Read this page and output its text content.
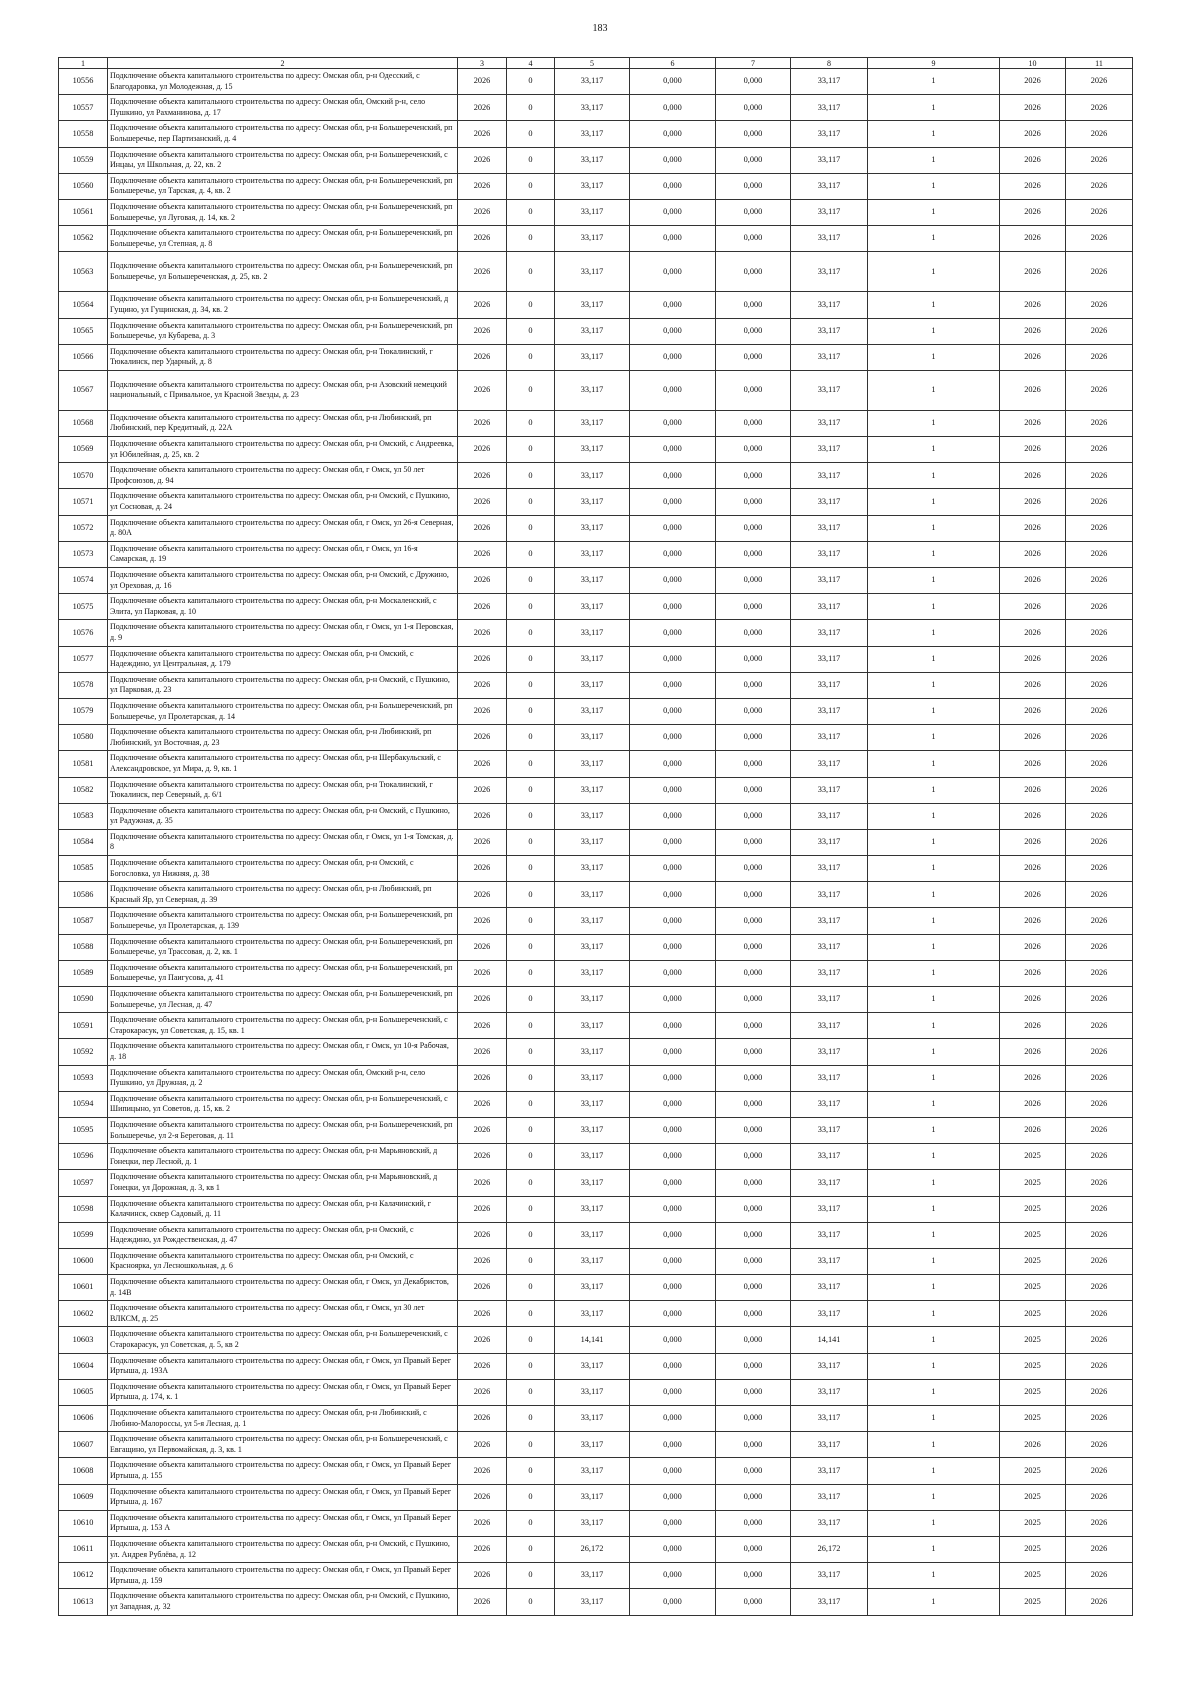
183
1	2	3	4	5	6	7	8	9	10	11
10556	Подключение объекта капитального строительства по адресу: Омская обл, р-н Одесский, с Благодаровка, ул Молодежная, д. 15	2026	0	33,117	0,000	0,000	33,117	1	2026	2026
10557	Подключение объекта капитального строительства по адресу: Омская обл, Омский р-н, село Пушкино, ул Рахманинова, д. 17	2026	0	33,117	0,000	0,000	33,117	1	2026	2026
10558	Подключение объекта капитального строительства по адресу: Омская обл, р-н Большереченский, рп Большеречье, пер Партизанский, д. 4	2026	0	33,117	0,000	0,000	33,117	1	2026	2026
10559	Подключение объекта капитального строительства по адресу: Омская обл, р-н Большереченский, с Инцаы, ул Школьная, д. 22, кв. 2	2026	0	33,117	0,000	0,000	33,117	1	2026	2026
10560	Подключение объекта капитального строительства по адресу: Омская обл, р-н Большереченский, рп Большеречье, ул Тарская, д. 4, кв. 2	2026	0	33,117	0,000	0,000	33,117	1	2026	2026
10561	Подключение объекта капитального строительства по адресу: Омская обл, р-н Большереченский, рп Большеречье, ул Луговая, д. 14, кв. 2	2026	0	33,117	0,000	0,000	33,117	1	2026	2026
10562	Подключение объекта капитального строительства по адресу: Омская обл, р-н Большереченский, рп Большеречье, ул Степная, д. 8	2026	0	33,117	0,000	0,000	33,117	1	2026	2026
10563	Подключение объекта капитального строительства по адресу: Омская обл, р-н Большереченский, рп Большеречье, ул Большереченская, д. 25, кв. 2	2026	0	33,117	0,000	0,000	33,117	1	2026	2026
10564	Подключение объекта капитального строительства по адресу: Омская обл, р-н Большереченский, д Гущино, ул Гущинская, д. 34, кв. 2	2026	0	33,117	0,000	0,000	33,117	1	2026	2026
10565	Подключение объекта капитального строительства по адресу: Омская обл, р-н Большереченский, рп Большеречье, ул Кубарева, д. 3	2026	0	33,117	0,000	0,000	33,117	1	2026	2026
10566	Подключение объекта капитального строительства по адресу: Омская обл, р-н Тюкалинский, г Тюкалинск, пер Ударный, д. 8	2026	0	33,117	0,000	0,000	33,117	1	2026	2026
10567	Подключение объекта капитального строительства по адресу: Омская обл, р-н Азовский немецкий национальный, с Привальное, ул Красной Звезды, д. 23	2026	0	33,117	0,000	0,000	33,117	1	2026	2026
10568	Подключение объекта капитального строительства по адресу: Омская обл, р-н Любинский, рп Любинский, пер Кредитный, д. 22А	2026	0	33,117	0,000	0,000	33,117	1	2026	2026
10569	Подключение объекта капитального строительства по адресу: Омская обл, р-н Омский, с Андреевка, ул Юбилейная, д. 25, кв. 2	2026	0	33,117	0,000	0,000	33,117	1	2026	2026
10570	Подключение объекта капитального строительства по адресу: Омская обл, г Омск, ул 50 лет Профсоюзов, д. 94	2026	0	33,117	0,000	0,000	33,117	1	2026	2026
10571	Подключение объекта капитального строительства по адресу: Омская обл, р-н Омский, с Пушкино, ул Сосновая, д. 24	2026	0	33,117	0,000	0,000	33,117	1	2026	2026
10572	Подключение объекта капитального строительства по адресу: Омская обл, г Омск, ул 26-я Северная, д. 80А	2026	0	33,117	0,000	0,000	33,117	1	2026	2026
10573	Подключение объекта капитального строительства по адресу: Омская обл, г Омск, ул 16-я Самарская, д. 19	2026	0	33,117	0,000	0,000	33,117	1	2026	2026
10574	Подключение объекта капитального строительства по адресу: Омская обл, р-н Омский, с Дружино, ул Ореховая, д. 16	2026	0	33,117	0,000	0,000	33,117	1	2026	2026
10575	Подключение объекта капитального строительства по адресу: Омская обл, р-н Москаленский, с Элита, ул Парковая, д. 10	2026	0	33,117	0,000	0,000	33,117	1	2026	2026
10576	Подключение объекта капитального строительства по адресу: Омская обл, г Омск, ул 1-я Перовская, д. 9	2026	0	33,117	0,000	0,000	33,117	1	2026	2026
10577	Подключение объекта капитального строительства по адресу: Омская обл, р-н Омский, с Надеждино, ул Центральная, д. 179	2026	0	33,117	0,000	0,000	33,117	1	2026	2026
10578	Подключение объекта капитального строительства по адресу: Омская обл, р-н Омский, с Пушкино, ул Парковая, д. 23	2026	0	33,117	0,000	0,000	33,117	1	2026	2026
10579	Подключение объекта капитального строительства по адресу: Омская обл, р-н Большереченский, рп Большеречье, ул Пролетарская, д. 14	2026	0	33,117	0,000	0,000	33,117	1	2026	2026
10580	Подключение объекта капитального строительства по адресу: Омская обл, р-н Любинский, рп Любинский, ул Восточная, д. 23	2026	0	33,117	0,000	0,000	33,117	1	2026	2026
10581	Подключение объекта капитального строительства по адресу: Омская обл, р-н Шербакульский, с Александровское, ул Мира, д. 9, кв. 1	2026	0	33,117	0,000	0,000	33,117	1	2026	2026
10582	Подключение объекта капитального строительства по адресу: Омская обл, р-н Тюкалинский, г Тюкалинск, пер Северный, д. 6/1	2026	0	33,117	0,000	0,000	33,117	1	2026	2026
10583	Подключение объекта капитального строительства по адресу: Омская обл, р-н Омский, с Пушкино, ул Радужная, д. 35	2026	0	33,117	0,000	0,000	33,117	1	2026	2026
10584	Подключение объекта капитального строительства по адресу: Омская обл, г Омск, ул 1-я Томская, д. 8	2026	0	33,117	0,000	0,000	33,117	1	2026	2026
10585	Подключение объекта капитального строительства по адресу: Омская обл, р-н Омский, с Богословка, ул Нижняя, д. 38	2026	0	33,117	0,000	0,000	33,117	1	2026	2026
10586	Подключение объекта капитального строительства по адресу: Омская обл, р-н Любинский, рп Красный Яр, ул Северная, д. 39	2026	0	33,117	0,000	0,000	33,117	1	2026	2026
10587	Подключение объекта капитального строительства по адресу: Омская обл, р-н Большереченский, рп Большеречье, ул Пролетарская, д. 139	2026	0	33,117	0,000	0,000	33,117	1	2026	2026
10588	Подключение объекта капитального строительства по адресу: Омская обл, р-н Большереченский, рп Большеречье, ул Трассовая, д. 2, кв. 1	2026	0	33,117	0,000	0,000	33,117	1	2026	2026
10589	Подключение объекта капитального строительства по адресу: Омская обл, р-н Большереченский, рп Большеречье, ул Паигусова, д. 41	2026	0	33,117	0,000	0,000	33,117	1	2026	2026
10590	Подключение объекта капитального строительства по адресу: Омская обл, р-н Большереченский, рп Большеречье, ул Лесная, д. 47	2026	0	33,117	0,000	0,000	33,117	1	2026	2026
10591	Подключение объекта капитального строительства по адресу: Омская обл, р-н Большереченский, с Старокарасук, ул Советская, д. 15, кв. 1	2026	0	33,117	0,000	0,000	33,117	1	2026	2026
10592	Подключение объекта капитального строительства по адресу: Омская обл, г Омск, ул 10-я Рабочая, д. 18	2026	0	33,117	0,000	0,000	33,117	1	2026	2026
10593	Подключение объекта капитального строительства по адресу: Омская обл, Омский р-н, село Пушкино, ул Дружная, д. 2	2026	0	33,117	0,000	0,000	33,117	1	2026	2026
10594	Подключение объекта капитального строительства по адресу: Омская обл, р-н Большереченский, с Шипицыно, ул Советов, д. 15, кв. 2	2026	0	33,117	0,000	0,000	33,117	1	2026	2026
10595	Подключение объекта капитального строительства по адресу: Омская обл, р-н Большереченский, рп Большеречье, ул 2-я Береговая, д. 11	2026	0	33,117	0,000	0,000	33,117	1	2026	2026
10596	Подключение объекта капитального строительства по адресу: Омская обл, р-н Марьяновский, д Гонецки, пер Лесной, д. 1	2026	0	33,117	0,000	0,000	33,117	1	2025	2026
10597	Подключение объекта капитального строительства по адресу: Омская обл, р-н Марьяновский, д Гонецки, ул Дорожная, д. 3, кв 1	2026	0	33,117	0,000	0,000	33,117	1	2025	2026
10598	Подключение объекта капитального строительства по адресу: Омская обл, р-н Калачинский, г Калачинск, сквер Садовый, д. 11	2026	0	33,117	0,000	0,000	33,117	1	2025	2026
10599	Подключение объекта капитального строительства по адресу: Омская обл, р-н Омский, с Надеждино, ул Рождественская, д. 47	2026	0	33,117	0,000	0,000	33,117	1	2025	2026
10600	Подключение объекта капитального строительства по адресу: Омская обл, р-н Омский, с Красноярка, ул Лесношкольная, д. 6	2026	0	33,117	0,000	0,000	33,117	1	2025	2026
10601	Подключение объекта капитального строительства по адресу: Омская обл, г Омск, ул Декабристов, д. 14В	2026	0	33,117	0,000	0,000	33,117	1	2025	2026
10602	Подключение объекта капитального строительства по адресу: Омская обл, г Омск, ул 30 лет ВЛКСМ, д. 25	2026	0	33,117	0,000	0,000	33,117	1	2025	2026
10603	Подключение объекта капитального строительства по адресу: Омская обл, р-н Большереченский, с Старокарасук, ул Советская, д. 5, кв 2	2026	0	14,141	0,000	0,000	14,141	1	2025	2026
10604	Подключение объекта капитального строительства по адресу: Омская обл, г Омск, ул Правый Берег Иртыша, д. 193А	2026	0	33,117	0,000	0,000	33,117	1	2025	2026
10605	Подключение объекта капитального строительства по адресу: Омская обл, г Омск, ул Правый Берег Иртыша, д. 174, к. 1	2026	0	33,117	0,000	0,000	33,117	1	2025	2026
10606	Подключение объекта капитального строительства по адресу: Омская обл, р-н Любинский, с Любино-Малороссы, ул 5-я Лесная, д. 1	2026	0	33,117	0,000	0,000	33,117	1	2025	2026
10607	Подключение объекта капитального строительства по адресу: Омская обл, р-н Большереченский, с Евгащино, ул Первомайская, д. 3, кв. 1	2026	0	33,117	0,000	0,000	33,117	1	2026	2026
10608	Подключение объекта капитального строительства по адресу: Омская обл, г Омск, ул Правый Берег Иртыша, д. 155	2026	0	33,117	0,000	0,000	33,117	1	2025	2026
10609	Подключение объекта капитального строительства по адресу: Омская обл, г Омск, ул Правый Берег Иртыша, д. 167	2026	0	33,117	0,000	0,000	33,117	1	2025	2026
10610	Подключение объекта капитального строительства по адресу: Омская обл, г Омск, ул Правый Берег Иртыша, д. 153 А	2026	0	33,117	0,000	0,000	33,117	1	2025	2026
10611	Подключение объекта капитального строительства по адресу: Омская обл, р-н Омский, с Пушкино, ул. Андрея Рублёва, д. 12	2026	0	26,172	0,000	0,000	26,172	1	2025	2026
10612	Подключение объекта капитального строительства по адресу: Омская обл, г Омск, ул Правый Берег Иртыша, д. 159	2026	0	33,117	0,000	0,000	33,117	1	2025	2026
10613	Подключение объекта капитального строительства по адресу: Омская обл, р-н Омский, с Пушкино, ул Западная, д. 32	2026	0	33,117	0,000	0,000	33,117	1	2025	2026
